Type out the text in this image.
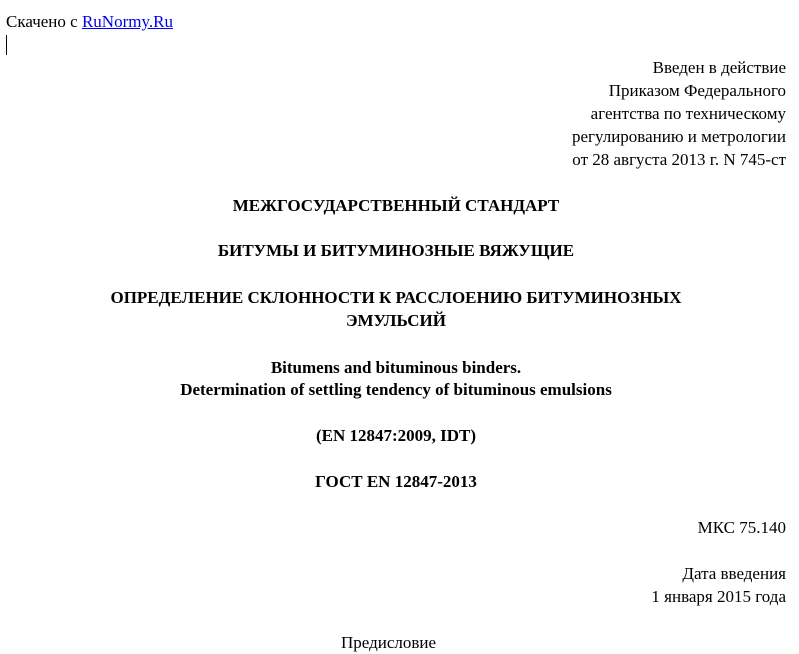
Скачено с RuNormy.Ru
Введен в действие
Приказом Федерального
агентства по техническому
регулированию и метрологии
от 28 августа 2013 г. N 745-ст
МЕЖГОСУДАРСТВЕННЫЙ СТАНДАРТ
БИТУМЫ И БИТУМИНОЗНЫЕ ВЯЖУЩИЕ
ОПРЕДЕЛЕНИЕ СКЛОННОСТИ К РАССЛОЕНИЮ БИТУМИНОЗНЫХ
ЭМУЛЬСИЙ
Bitumens and bituminous binders.
Determination of settling tendency of bituminous emulsions
(EN 12847:2009, IDT)
ГОСТ EN 12847-2013
МКС 75.140
Дата введения
1 января 2015 года
Предисловие
